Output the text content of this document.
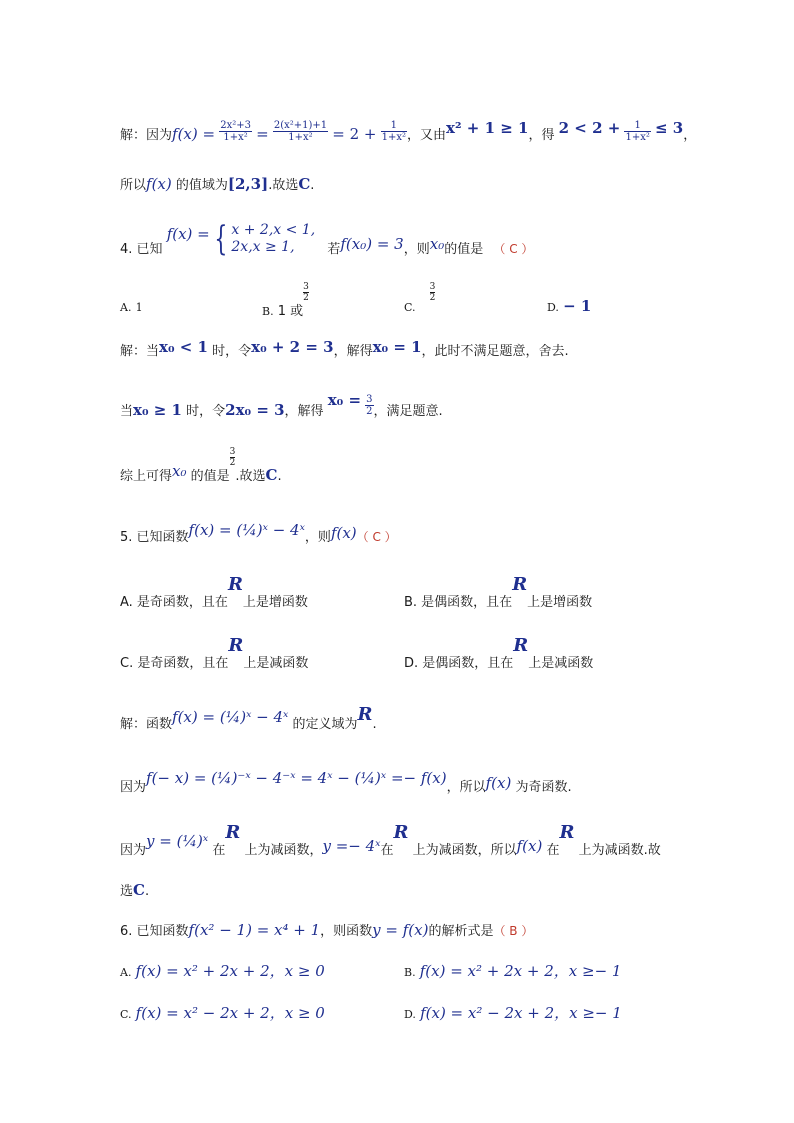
解：因为$f(x) = \frac{\text{2x²+3}}{\text{1+x²}} = \frac{\text{2(x²+1)+1}}{\text{1+x²}} = 2 + \frac{1}{\text{1+x²}}$ ，又由x² + 1 ≥ 1，得 $2 < 2 + \frac{1}{\text{1+x²}} \le 3$，
所以f(x) 的值域为[2,3].故选C.
4. 已知 f(x) = { x + 2,x < 1,
2x,x ≥ 1,	若f(x₀) = 3，则x₀的值是 （ C ）
A. 1	B. 1 或$\frac{3}{2}$
C. $\frac{3}{2}$
D. − 1
解：当x₀ < 1 时，令x₀ + 2 = 3，解得x₀ = 1，此时不满足题意，舍去.
当x₀ ≥ 1 时，令2x₀ = 3，解得 $x_0 = \frac{3}{2}$ ，满足题意.
综上可得x₀ 的值是$\frac{3}{2}$
.故选C.
5. 已知函数f(x) = (¼)ˣ − 4ˣ，则f(x)（ C ）
A. 是奇函数，且在R上是增函数	B. 是偶函数，且在R上是增函数
C. 是奇函数，且在R上是减函数	D. 是偶函数，且在R上是减函数
解：函数f(x) = (¼)ˣ − 4ˣ 的定义域为R.
因为f(− x) = (¼)⁻ˣ − 4⁻ˣ = 4ˣ − (¼)ˣ =− f(x)，所以f(x) 为奇函数.
因为y = (¼)ˣ 在R 上为减函数，y =− 4ˣ在R 上为减函数，所以f(x) 在R 上为减函数.故
选C.
6. 已知函数f(x² − 1) = x⁴ + 1，则函数y = f(x)的解析式是（ B ）
A. f(x) = x² + 2x + 2，x ≥ 0	B. f(x) = x² + 2x + 2，x ≥− 1
C. f(x) = x² − 2x + 2，x ≥ 0	D. f(x) = x² − 2x + 2，x ≥− 1
